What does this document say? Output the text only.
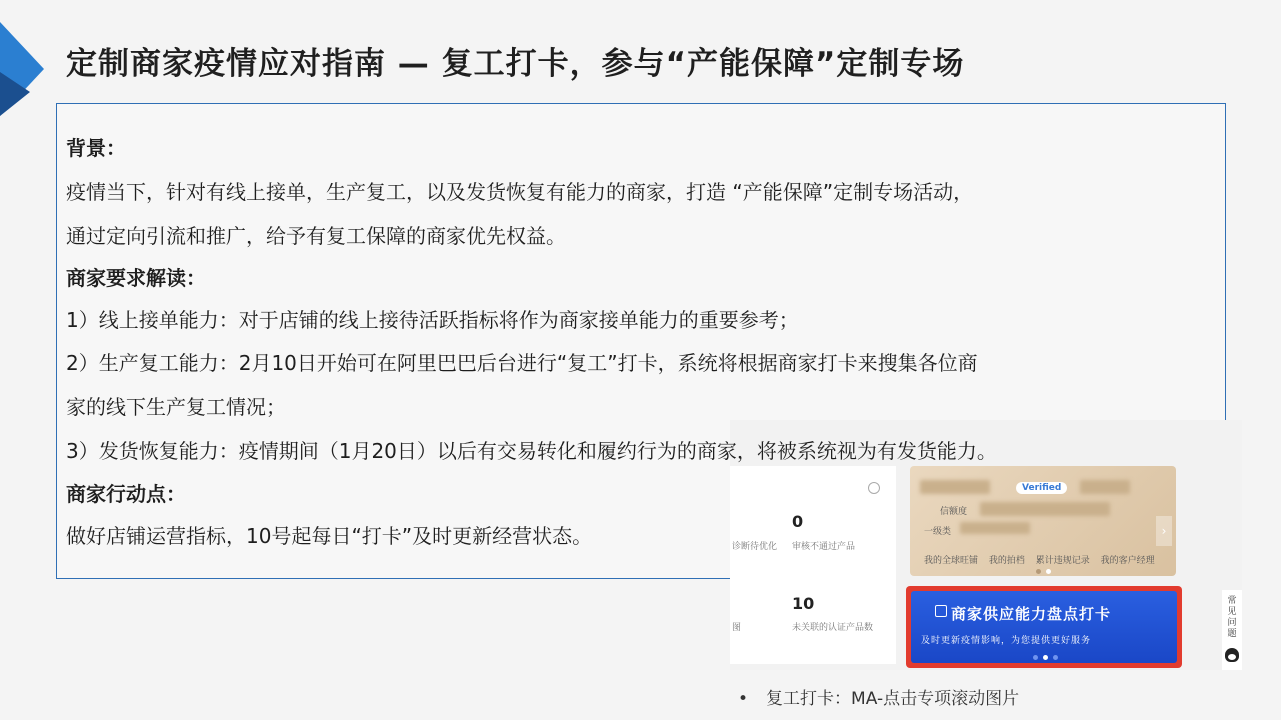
定制商家疫情应对指南 — 复工打卡，参与“产能保障”定制专场
背景：
疫情当下，针对有线上接单，生产复工，以及发货恢复有能力的商家，打造 “产能保障”定制专场活动，
通过定向引流和推广，给予有复工保障的商家优先权益。
商家要求解读：
1）线上接单能力：对于店铺的线上接待活跃指标将作为商家接单能力的重要参考；
2）生产复工能力：2月10日开始可在阿里巴巴后台进行“复工”打卡，系统将根据商家打卡来搜集各位商
家的线下生产复工情况；
3）发货恢复能力：疫情期间（1月20日）以后有交易转化和履约行为的商家，将被系统视为有发货能力。
商家行动点：
做好店铺运营指标，10号起每日“打卡”及时更新经营状态。
0
审核不通过产品
诊断待优化
10
未关联的认证产品数
图
Verified
信额度
一级类	›
我的全球旺铺 我的拍档 累计违规记录 我的客户经理
商家供应能力盘点打卡
及时更新疫情影响，为您提供更好服务
常见问题
• 复工打卡：MA-点击专项滚动图片
